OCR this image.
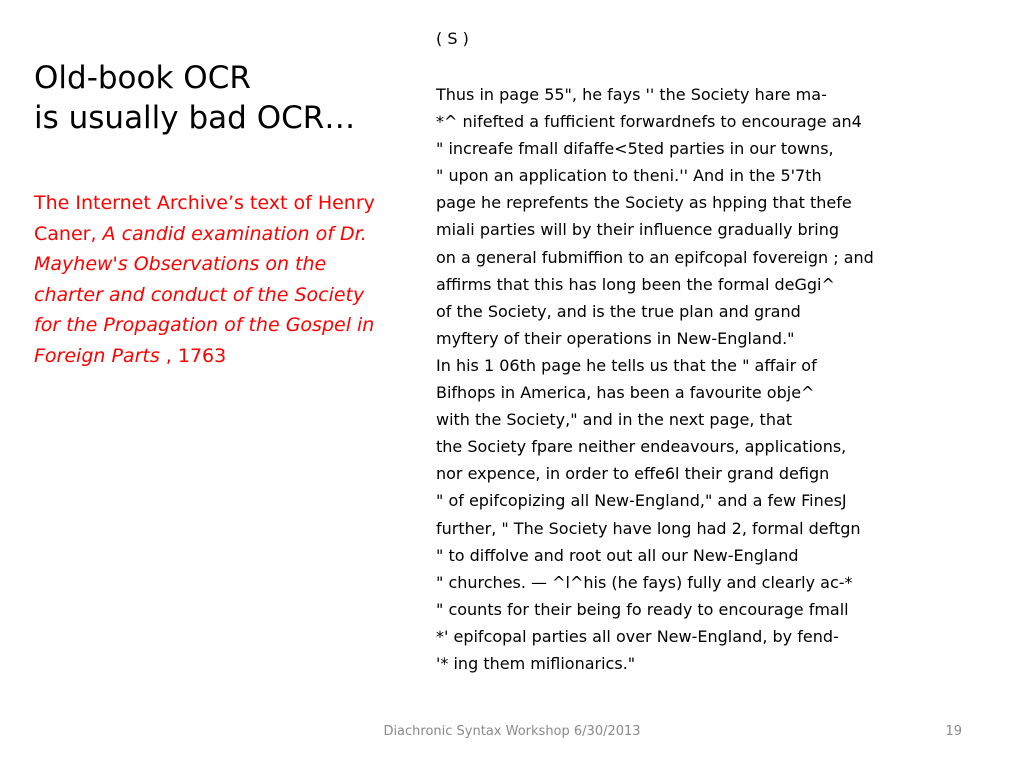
Old-book OCR
is usually bad OCR…

The Internet Archive’s text of Henry Caner, A candid examination of Dr. Mayhew's Observations on the charter and conduct of the Society for the Propagation of the Gospel in Foreign Parts , 1763

( S )
Thus in page 55", he fays '' the Society hare ma-
*^ nifefted a fufficient forwardnefs to encourage an4
" increafe fmall difaffe<5ted parties in our towns,
" upon an application to theni.'' And in the 5'7th
page he reprefents the Society as hpping that thefe
miali parties will by their influence gradually bring
on a general fubmiffion to an epifcopal fovereign ; and
affirms that this has long been the formal deGgi^
of the Society, and is the true plan and grand
myftery of their operations in New-England."
In his 1 06th page he tells us that the " affair of
Bifhops in America, has been a favourite obje^
with the Society," and in the next page, that
the Society fpare neither endeavours, applications,
nor expence, in order to effe6l their grand defign
" of epifcopizing all New-England," and a few FinesJ
further, " The Society have long had 2, formal deftgn
" to diffolve and root out all our New-England
" churches. — ^l^his (he fays) fully and clearly ac-*
" counts for their being fo ready to encourage fmall
*' epifcopal parties all over New-England, by fend-
'* ing them miflionarics."
Diachronic Syntax Workshop 6/30/2013	19
